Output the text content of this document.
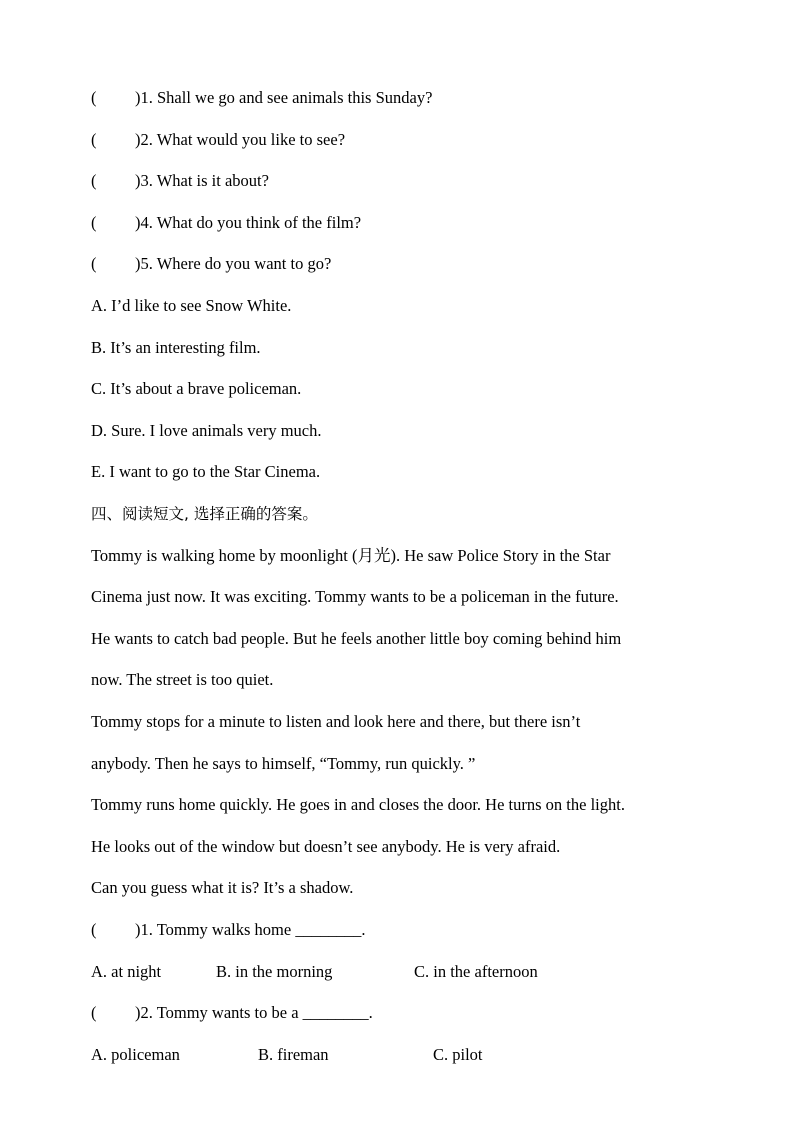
( )1. Shall we go and see animals this Sunday?
( )2. What would you like to see?
( )3. What is it about?
( )4. What do you think of the film?
( )5. Where do you want to go?
A. I’d like to see Snow White.
B. It’s an interesting film.
C. It’s about a brave policeman.
D. Sure. I love animals very much.
E. I want to go to the Star Cinema.
四、阅读短文, 选择正确的答案。
Tommy is walking home by moonlight (月光). He saw Police Story in the Star
Cinema just now. It was exciting. Tommy wants to be a policeman in the future.
He wants to catch bad people. But he feels another little boy coming behind him
now. The street is too quiet.
Tommy stops for a minute to listen and look here and there, but there isn’t
anybody. Then he says to himself, “Tommy, run quickly. ”
Tommy runs home quickly. He goes in and closes the door. He turns on the light.
He looks out of the window but doesn’t see anybody. He is very afraid.
Can you guess what it is? It’s a shadow.
( )1. Tommy walks home ________.
A. at night	B. in the morning	C. in the afternoon
( )2. Tommy wants to be a ________.
A. policeman	B. fireman	C. pilot
